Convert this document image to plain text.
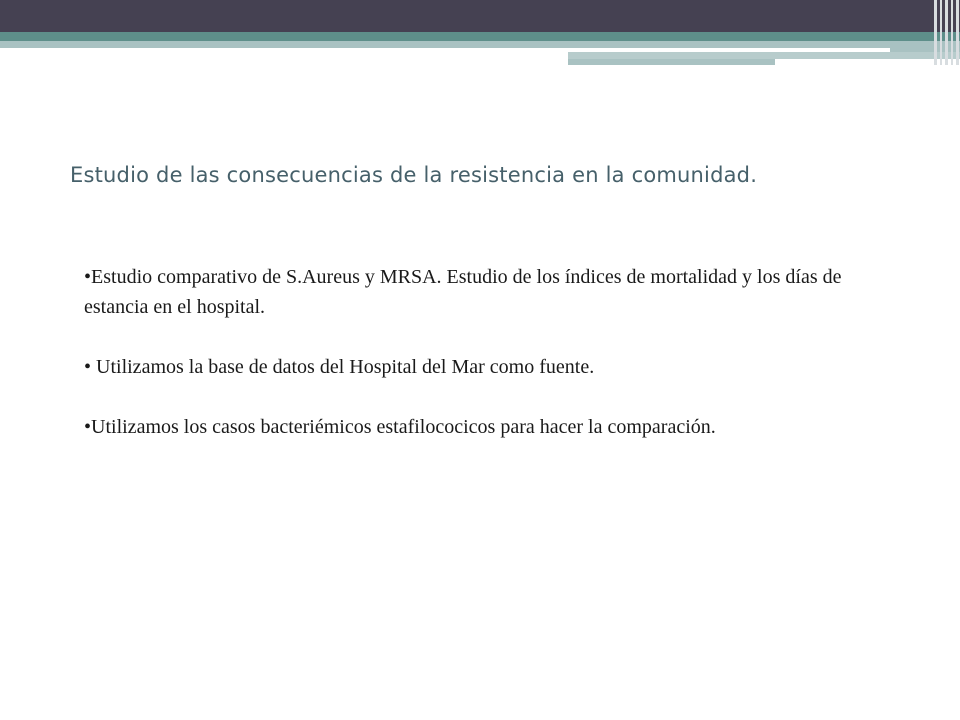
Estudio de las consecuencias de la resistencia en la comunidad.

•Estudio comparativo de S.Aureus y MRSA. Estudio de los índices de mortalidad y los días de estancia en el hospital.

• Utilizamos la base de datos del Hospital del Mar como fuente.

•Utilizamos los casos bacteriémicos estafilococicos para hacer la comparación.
